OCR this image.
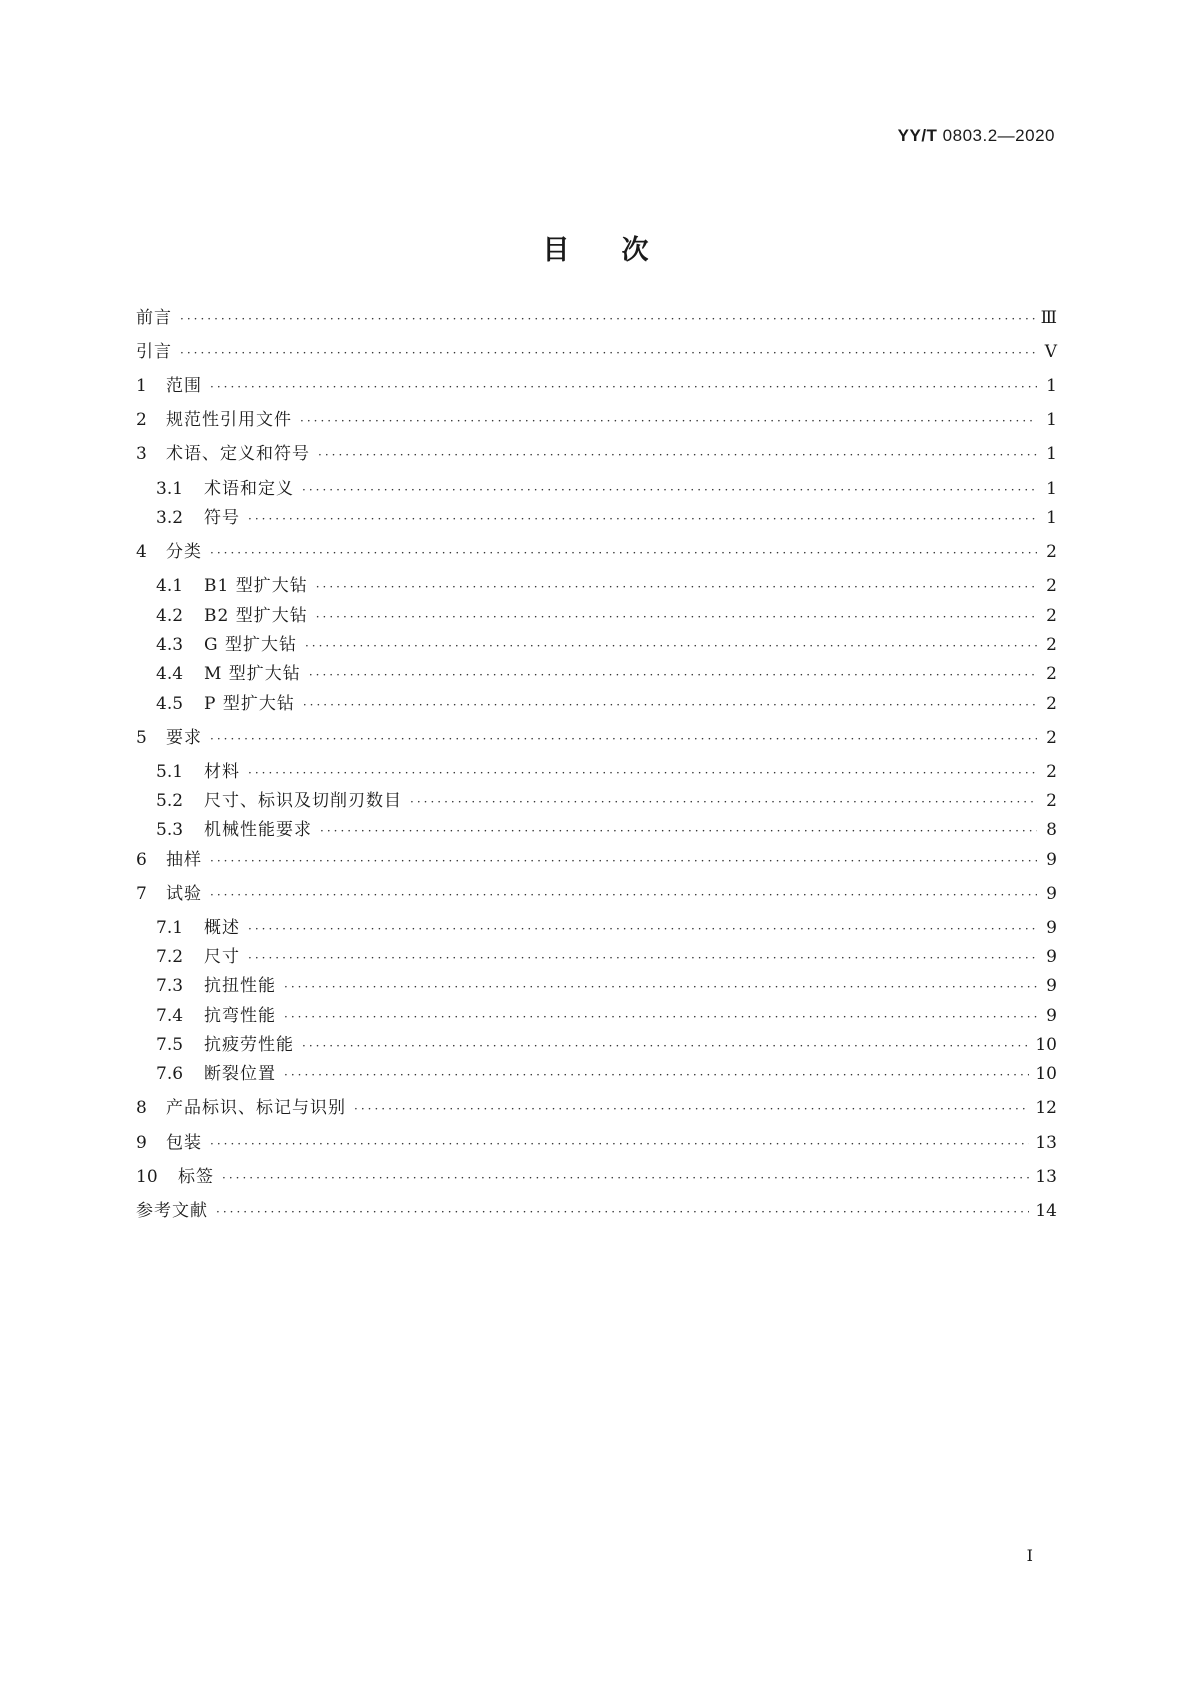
YY/T 0803.2—2020
目次
前言 ·····	Ⅲ
引言 ·····	Ⅴ
1	范围 ·····	1
2	规范性引用文件 ·····	1
3	术语、定义和符号 ·····	1
3.1	术语和定义 ·····	1
3.2	符号 ·····	1
4	分类 ·····	2
4.1	B1 型扩大钻 ·····	2
4.2	B2 型扩大钻 ·····	2
4.3	G 型扩大钻 ·····	2
4.4	M 型扩大钻 ·····	2
4.5	P 型扩大钻 ·····	2
5	要求 ·····	2
5.1	材料 ·····	2
5.2	尺寸、标识及切削刃数目 ·····	2
5.3	机械性能要求 ·····	8
6	抽样 ·····	9
7	试验 ·····	9
7.1	概述 ·····	9
7.2	尺寸 ·····	9
7.3	抗扭性能 ·····	9
7.4	抗弯性能 ·····	9
7.5	抗疲劳性能 ·····	10
7.6	断裂位置 ·····	10
8	产品标识、标记与识别 ·····	12
9	包装 ·····	13
10	标签 ·····	13
参考文献 ·····	14
Ⅰ
